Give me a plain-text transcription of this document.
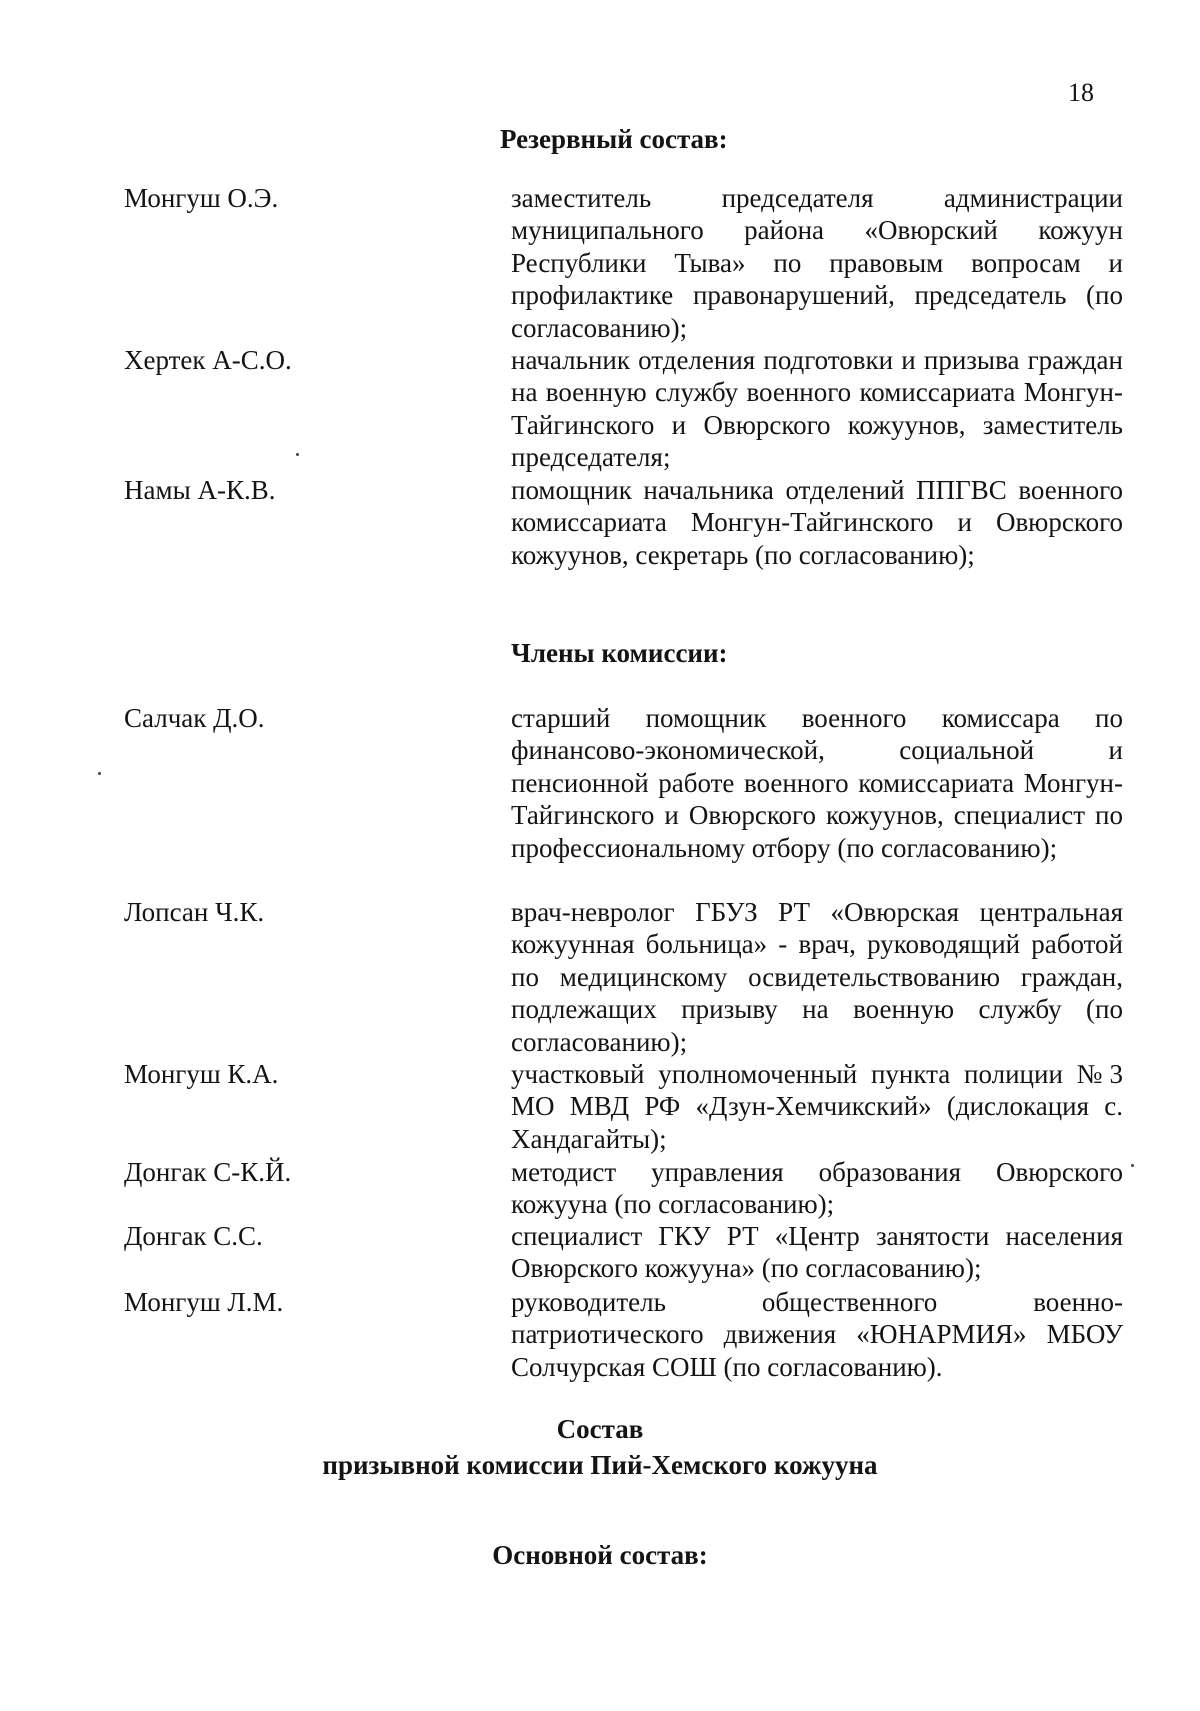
18
Резервный состав:
Монгуш О.Э.	заместитель председателя администрации муниципального района «Овюрский кожуун Республики Тыва» по правовым вопросам и профилактике правонарушений, председатель (по согласованию);
Хертек А-С.О.	начальник отделения подготовки и призыва граждан на военную службу военного комиссариата Монгун-Тайгинского и Овюрского кожуунов, заместитель председателя;
Намы А-К.В.	помощник начальника отделений ППГВС военного комиссариата Монгун-Тайгинского и Овюрского кожуунов, секретарь (по согласованию);
Члены комиссии:
Салчак Д.О.	старший помощник военного комиссара по финансово-экономической, социальной и пенсионной работе военного комиссариата Монгун-Тайгинского и Овюрского кожуунов, специалист по профессиональному отбору (по согласованию);
Лопсан Ч.К.	врач-невролог ГБУЗ РТ «Овюрская центральная кожуунная больница» - врач, руководящий работой по медицинскому освидетельствованию граждан, подлежащих призыву на военную службу (по согласованию);
Монгуш К.А.	участковый уполномоченный пункта полиции №3 МО МВД РФ «Дзун-Хемчикский» (дислокация с. Хандагайты);
Донгак С-К.Й.	методист управления образования Овюрского кожууна (по согласованию);
Донгак С.С.	специалист ГКУ РТ «Центр занятости населения Овюрского кожууна» (по согласованию);
Монгуш Л.М.	руководитель общественного военно-патриотического движения «ЮНАРМИЯ» МБОУ Солчурская СОШ (по согласованию).
Состав
призывной комиссии Пий-Хемского кожууна
Основной состав:
